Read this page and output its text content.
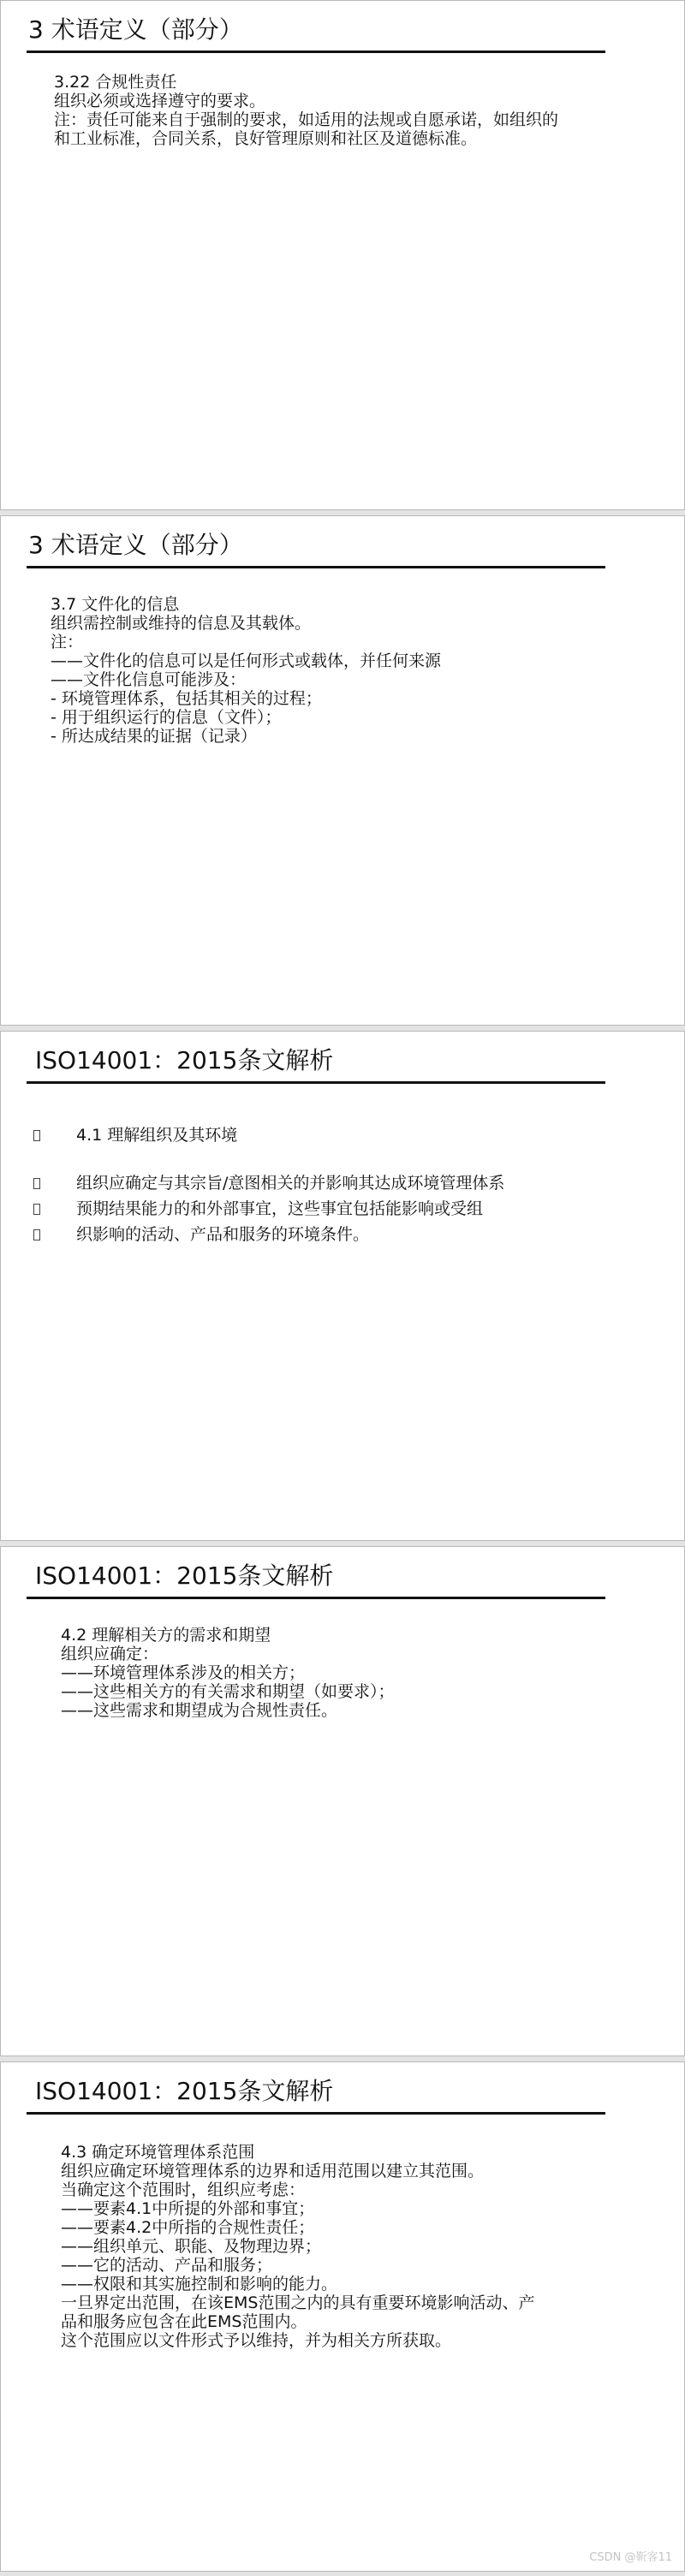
3 术语定义（部分）
3.22 合规性责任
组织必须或选择遵守的要求。
注：责任可能来自于强制的要求，如适用的法规或自愿承诺，如组织的
和工业标准，合同关系，良好管理原则和社区及道德标准。
3 术语定义（部分）
3.7 文件化的信息
组织需控制或维持的信息及其载体。
注：
——文件化的信息可以是任何形式或载体，并任何来源
——文件化信息可能涉及：
- 环境管理体系，包括其相关的过程；
- 用于组织运行的信息（文件）；
- 所达成结果的证据（记录）
ISO14001：2015条文解析
4.1 理解组织及其环境
组织应确定与其宗旨/意图相关的并影响其达成环境管理体系
预期结果能力的和外部事宜，这些事宜包括能影响或受组
织影响的活动、产品和服务的环境条件。
ISO14001：2015条文解析
4.2 理解相关方的需求和期望
组织应确定：
——环境管理体系涉及的相关方；
——这些相关方的有关需求和期望（如要求）；
——这些需求和期望成为合规性责任。
ISO14001：2015条文解析
4.3 确定环境管理体系范围
组织应确定环境管理体系的边界和适用范围以建立其范围。
当确定这个范围时，组织应考虑：
——要素4.1中所提的外部和事宜；
——要素4.2中所指的合规性责任；
——组织单元、职能、及物理边界；
——它的活动、产品和服务；
——权限和其实施控制和影响的能力。
一旦界定出范围，在该EMS范围之内的具有重要环境影响活动、产
品和服务应包含在此EMS范围内。
这个范围应以文件形式予以维持，并为相关方所获取。
CSDN @靳客11
